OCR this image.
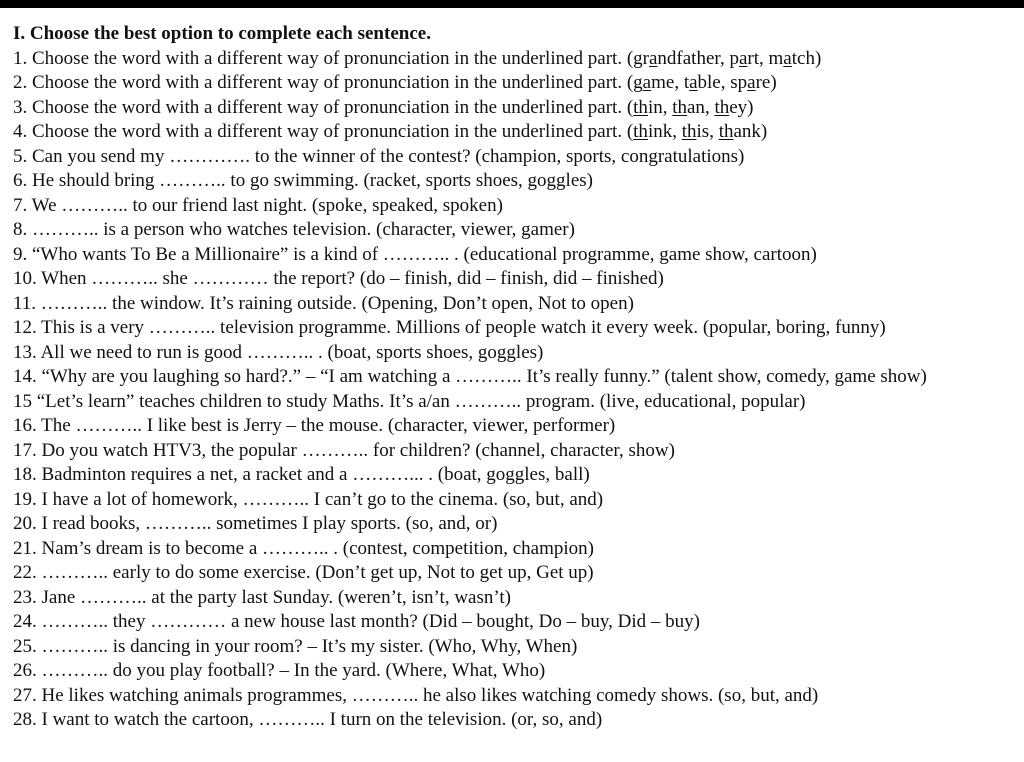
I. Choose the best option to complete each sentence.
1. Choose the word with a different way of pronunciation in the underlined part. (grandfather, part, match)
2. Choose the word with a different way of pronunciation in the underlined part. (game, table, spare)
3. Choose the word with a different way of pronunciation in the underlined part. (thin, than, they)
4. Choose the word with a different way of pronunciation in the underlined part. (think, this, thank)
5. Can you send my …………. to the winner of the contest? (champion, sports, congratulations)
6. He should bring ……….. to go swimming. (racket, sports shoes, goggles)
7. We ……….. to our friend last night. (spoke, speaked, spoken)
8. ……….. is a person who watches television. (character, viewer, gamer)
9. “Who wants To Be a Millionaire” is a kind of ……….. . (educational programme, game show, cartoon)
10. When ……….. she ………… the report? (do – finish, did – finish, did – finished)
11. ……….. the window. It’s raining outside. (Opening, Don’t open, Not to open)
12. This is a very ……….. television programme. Millions of people watch it every week. (popular, boring, funny)
13. All we need to run is good ……….. . (boat, sports shoes, goggles)
14. “Why are you laughing so hard?.” – “I am watching a ……….. It’s really funny.” (talent show, comedy, game show)
15 “Let’s learn” teaches children to study Maths. It’s a/an ……….. program. (live, educational, popular)
16. The ……….. I like best is Jerry – the mouse. (character, viewer, performer)
17. Do you watch HTV3, the popular ……….. for children? (channel, character, show)
18. Badminton requires a net, a racket and a ………... . (boat, goggles, ball)
19. I have a lot of homework, ……….. I can’t go to the cinema. (so, but, and)
20. I read books, ……….. sometimes I play sports. (so, and, or)
21. Nam’s dream is to become a ……….. . (contest, competition, champion)
22. ……….. early to do some exercise. (Don’t get up, Not to get up, Get up)
23. Jane ……….. at the party last Sunday. (weren’t, isn’t, wasn’t)
24. ……….. they ………… a new house last month? (Did – bought, Do – buy, Did – buy)
25. ……….. is dancing in your room? – It’s my sister. (Who, Why, When)
26. ……….. do you play football? – In the yard. (Where, What, Who)
27. He likes watching animals programmes, ……….. he also likes watching comedy shows. (so, but, and)
28. I want to watch the cartoon, ……….. I turn on the television. (or, so, and)
